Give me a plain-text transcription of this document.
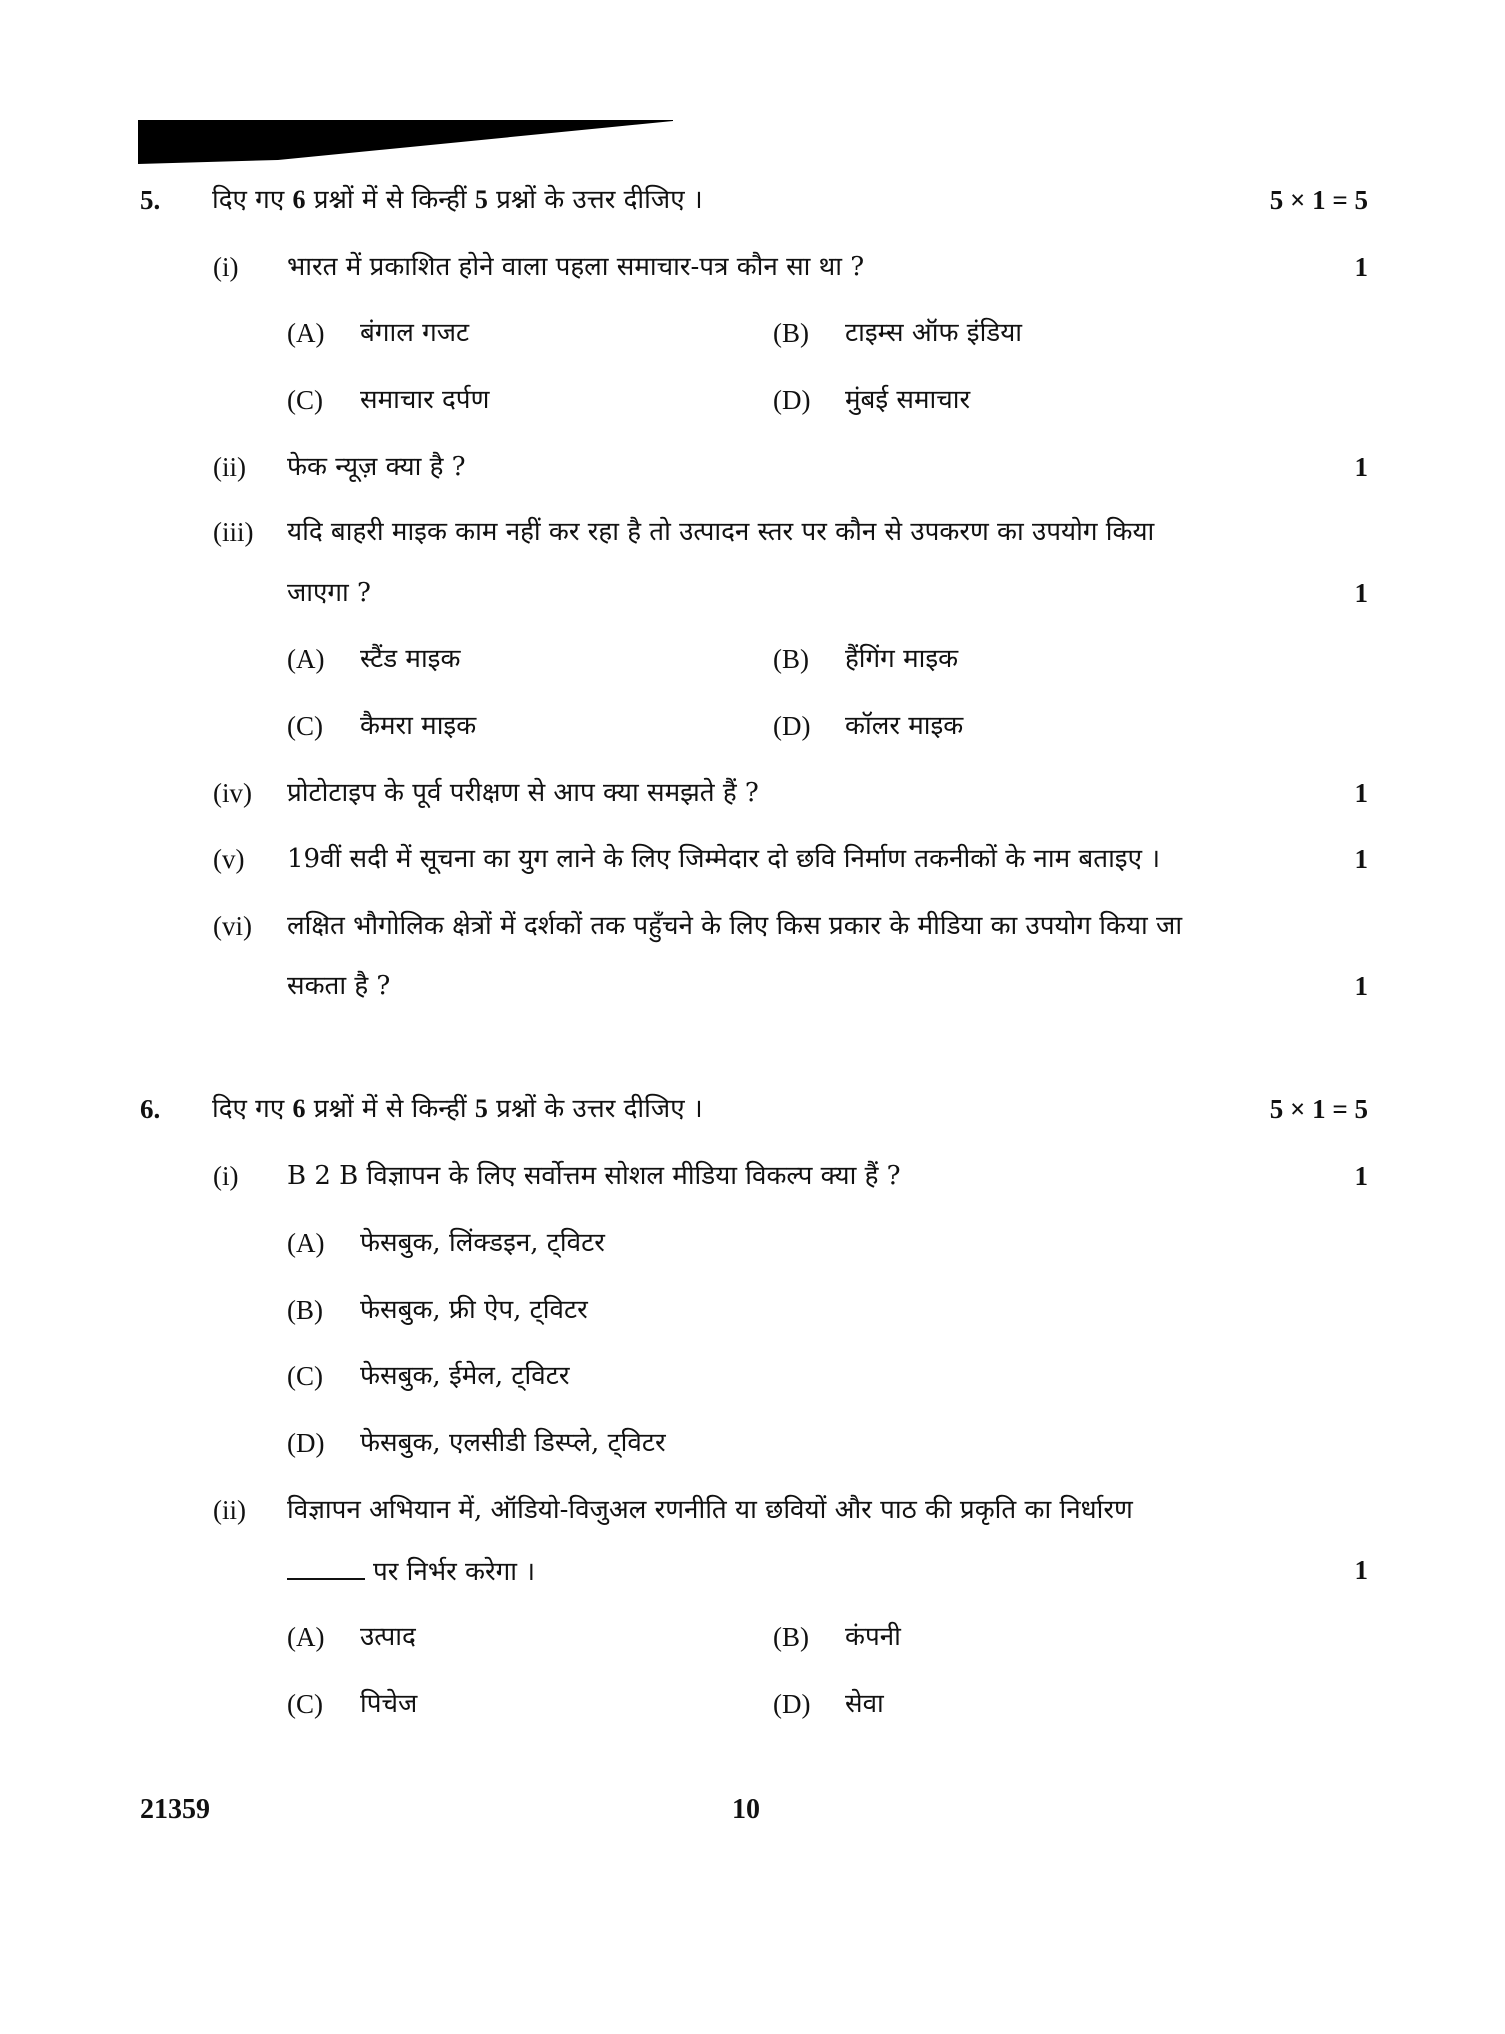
5. दिए गए 6 प्रश्नों में से किन्हीं 5 प्रश्नों के उत्तर दीजिए ।	5 × 1 = 5
(i) भारत में प्रकाशित होने वाला पहला समाचार-पत्र कौन सा था ?	1
(A) बंगाल गजट	(B) टाइम्स ऑफ इंडिया
(C) समाचार दर्पण	(D) मुंबई समाचार
(ii) फेक न्यूज़ क्या है ?	1
(iii) यदि बाहरी माइक काम नहीं कर रहा है तो उत्पादन स्तर पर कौन से उपकरण का उपयोग किया
जाएगा ?	1
(A) स्टैंड माइक	(B) हैंगिंग माइक
(C) कैमरा माइक	(D) कॉलर माइक
(iv) प्रोटोटाइप के पूर्व परीक्षण से आप क्या समझते हैं ?	1
(v) 19वीं सदी में सूचना का युग लाने के लिए जिम्मेदार दो छवि निर्माण तकनीकों के नाम बताइए ।	1
(vi) लक्षित भौगोलिक क्षेत्रों में दर्शकों तक पहुँचने के लिए किस प्रकार के मीडिया का उपयोग किया जा
सकता है ?	1
6. दिए गए 6 प्रश्नों में से किन्हीं 5 प्रश्नों के उत्तर दीजिए ।	5 × 1 = 5
(i) B 2 B विज्ञापन के लिए सर्वोत्तम सोशल मीडिया विकल्प क्या हैं ?	1
(A) फेसबुक, लिंक्डइन, ट्विटर
(B) फेसबुक, फ्री ऐप, ट्विटर
(C) फेसबुक, ईमेल, ट्विटर
(D) फेसबुक, एलसीडी डिस्प्ले, ट्विटर
(ii) विज्ञापन अभियान में, ऑडियो-विजुअल रणनीति या छवियों और पाठ की प्रकृति का निर्धारण
पर निर्भर करेगा ।	1
(A) उत्पाद	(B) कंपनी
(C) पिचेज	(D) सेवा
21359	10
